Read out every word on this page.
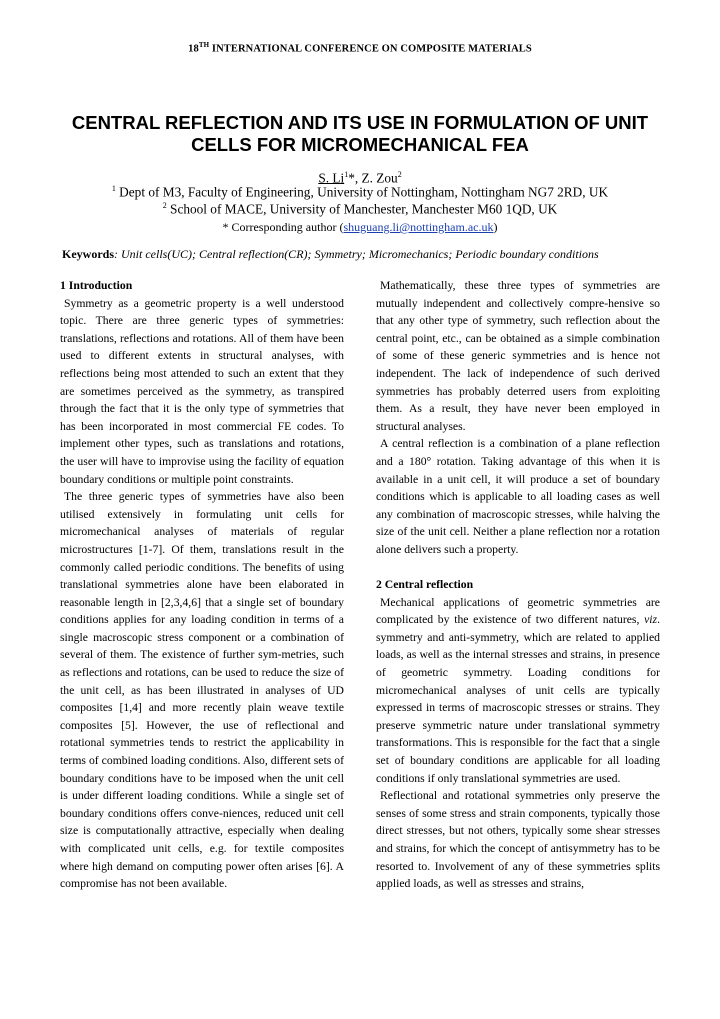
18TH INTERNATIONAL CONFERENCE ON COMPOSITE MATERIALS
CENTRAL REFLECTION AND ITS USE IN FORMULATION OF UNIT CELLS FOR MICROMECHANICAL FEA
S. Li$^1$*, Z. Zou$^2$
$^1$ Dept of M3, Faculty of Engineering, University of Nottingham, Nottingham NG7 2RD, UK
$^2$ School of MACE, University of Manchester, Manchester M60 1QD, UK
* Corresponding author (shuguang.li@nottingham.ac.uk)
Keywords: Unit cells(UC); Central reflection(CR); Symmetry; Micromechanics; Periodic boundary conditions
1 Introduction

Symmetry as a geometric property is a well understood topic. There are three generic types of symmetries: translations, reflections and rotations. All of them have been used to different extents in structural analyses, with reflections being most attended to such an extent that they are sometimes perceived as the symmetry, as transpired through the fact that it is the only type of symmetries that has been incorporated in most commercial FE codes. To implement other types, such as translations and rotations, the user will have to improvise using the facility of equation boundary conditions or multiple point constraints.

The three generic types of symmetries have also been utilised extensively in formulating unit cells for micromechanical analyses of materials of regular microstructures [1-7]. Of them, translations result in the commonly called periodic conditions. The benefits of using translational symmetries alone have been elaborated in reasonable length in [2,3,4,6] that a single set of boundary conditions applies for any loading condition in terms of a single macroscopic stress component or a combination of several of them. The existence of further sym-metries, such as reflections and rotations, can be used to reduce the size of the unit cell, as has been illustrated in analyses of UD composites [1,4] and more recently plain weave textile composites [5]. However, the use of reflectional and rotational symmetries tends to restrict the applicability in terms of combined loading conditions. Also, different sets of boundary conditions have to be imposed when the unit cell is under different loading conditions. While a single set of boundary conditions offers conve-niences, reduced unit cell size is computationally attractive, especially when dealing with complicated unit cells, e.g. for textile composites where high demand on computing power often arises [6]. A compromise has not been available.

Mathematically, these three types of symmetries are mutually independent and collectively compre-hensive so that any other type of symmetry, such reflection about the central point, etc., can be obtained as a simple combination of some of these generic symmetries and is hence not independent. The lack of independence of such derived symmetries has probably deterred users from exploiting them. As a result, they have never been employed in structural analyses.

A central reflection is a combination of a plane reflection and a 180° rotation. Taking advantage of this when it is available in a unit cell, it will produce a set of boundary conditions which is applicable to all loading cases as well any combination of macroscopic stresses, while halving the size of the unit cell. Neither a plane reflection nor a rotation alone delivers such a property.

2 Central reflection

Mechanical applications of geometric symmetries are complicated by the existence of two different natures, viz. symmetry and anti-symmetry, which are related to applied loads, as well as the internal stresses and strains, in presence of geometric symmetry. Loading conditions for micromechanical analyses of unit cells are typically expressed in terms of macroscopic stresses or strains. They preserve symmetric nature under translational symmetry transformations. This is responsible for the fact that a single set of boundary conditions are applicable for all loading conditions if only translational symmetries are used.

Reflectional and rotational symmetries only preserve the senses of some stress and strain components, typically those direct stresses, but not others, typically some shear stresses and strains, for which the concept of antisymmetry has to be resorted to. Involvement of any of these symmetries splits applied loads, as well as stresses and strains,
